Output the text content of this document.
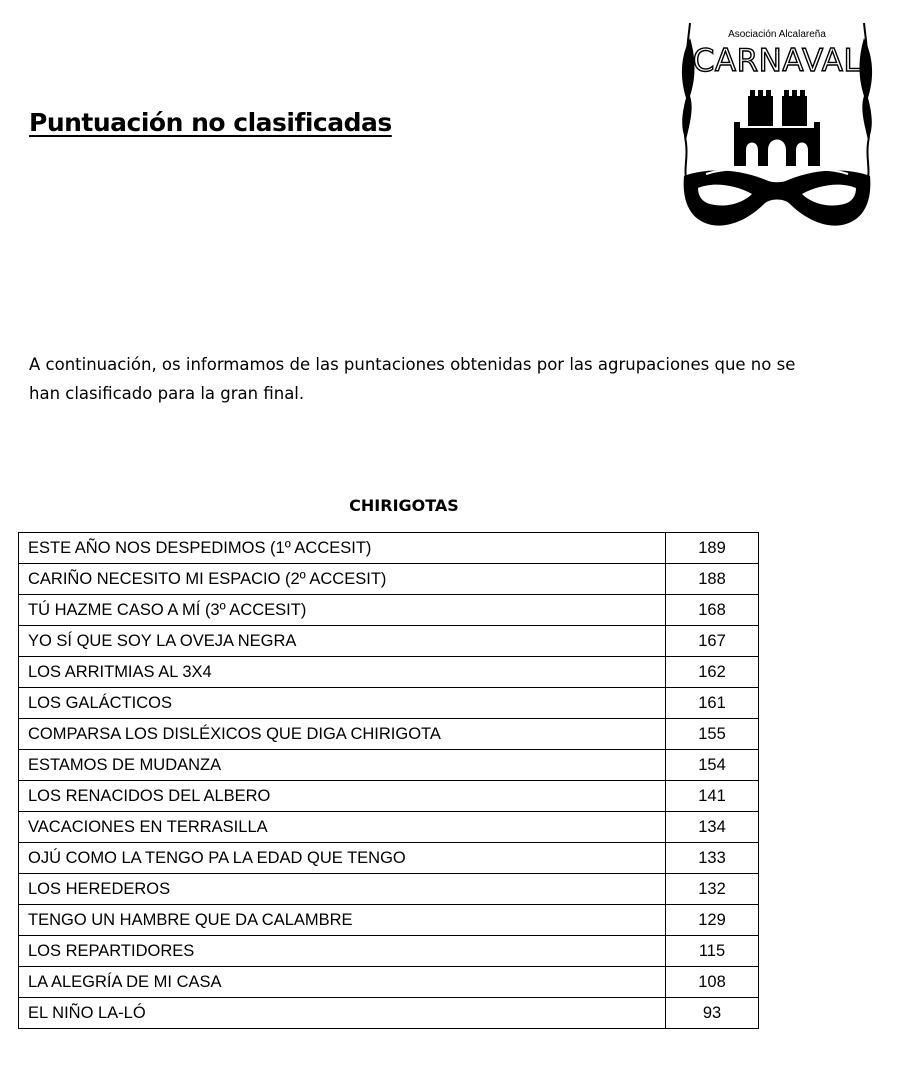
Puntuación no clasificadas
Asociación Alcalareña
CARNAVAL

A continuación, os informamos de las puntaciones obtenidas por las agrupaciones que no se han clasificado para la gran final.

CHIRIGOTAS
ESTE AÑO NOS DESPEDIMOS (1º ACCESIT)	189
CARIÑO NECESITO MI ESPACIO (2º ACCESIT)	188
TÚ HAZME CASO A MÍ (3º ACCESIT)	168
YO SÍ QUE SOY LA OVEJA NEGRA	167
LOS ARRITMIAS AL 3X4	162
LOS GALÁCTICOS	161
COMPARSA LOS DISLÉXICOS QUE DIGA CHIRIGOTA	155
ESTAMOS DE MUDANZA	154
LOS RENACIDOS DEL ALBERO	141
VACACIONES EN TERRASILLA	134
OJÚ COMO LA TENGO PA LA EDAD QUE TENGO	133
LOS HEREDEROS	132
TENGO UN HAMBRE QUE DA CALAMBRE	129
LOS REPARTIDORES	115
LA ALEGRÍA DE MI CASA	108
EL NIÑO LA-LÓ	93
